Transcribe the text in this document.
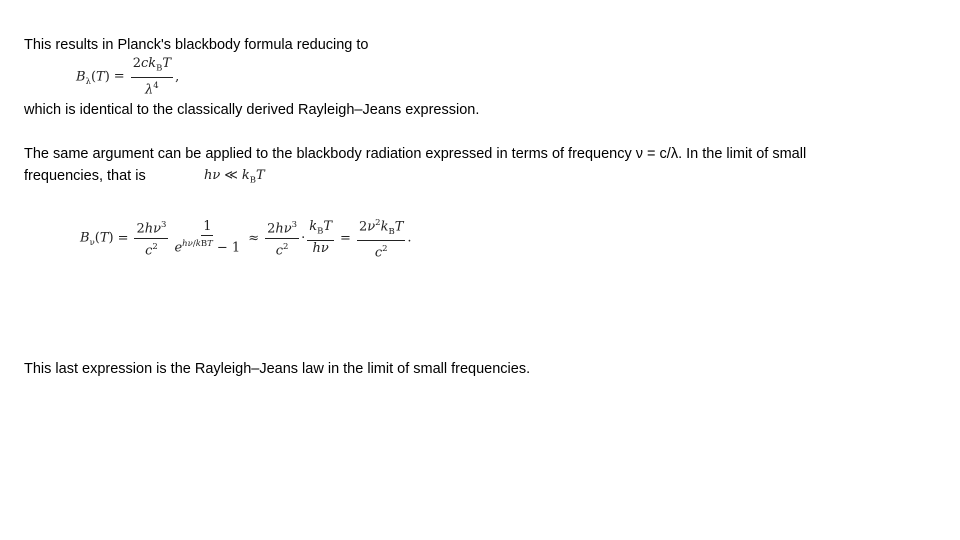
This results in Planck's blackbody formula reducing to
$B_\lambda(T) = \frac{2ck_BT}{\lambda^4}$ ,
which is identical to the classically derived Rayleigh–Jeans expression.
The same argument can be applied to the blackbody radiation expressed in terms of frequency ν = c/λ. In the limit of small
frequencies, that is	hν ≪ $k_BT$
$B_\nu(T) = \frac{2h\nu^3}{c^2} \frac{1}{e^{h\nu/kBT} - 1} \approx \frac{2h\nu^3}{c^2} \cdot \frac{k_BT}{h\nu} = \frac{2\nu^2k_BT}{c^2}$ .
This last expression is the Rayleigh–Jeans law in the limit of small frequencies.
